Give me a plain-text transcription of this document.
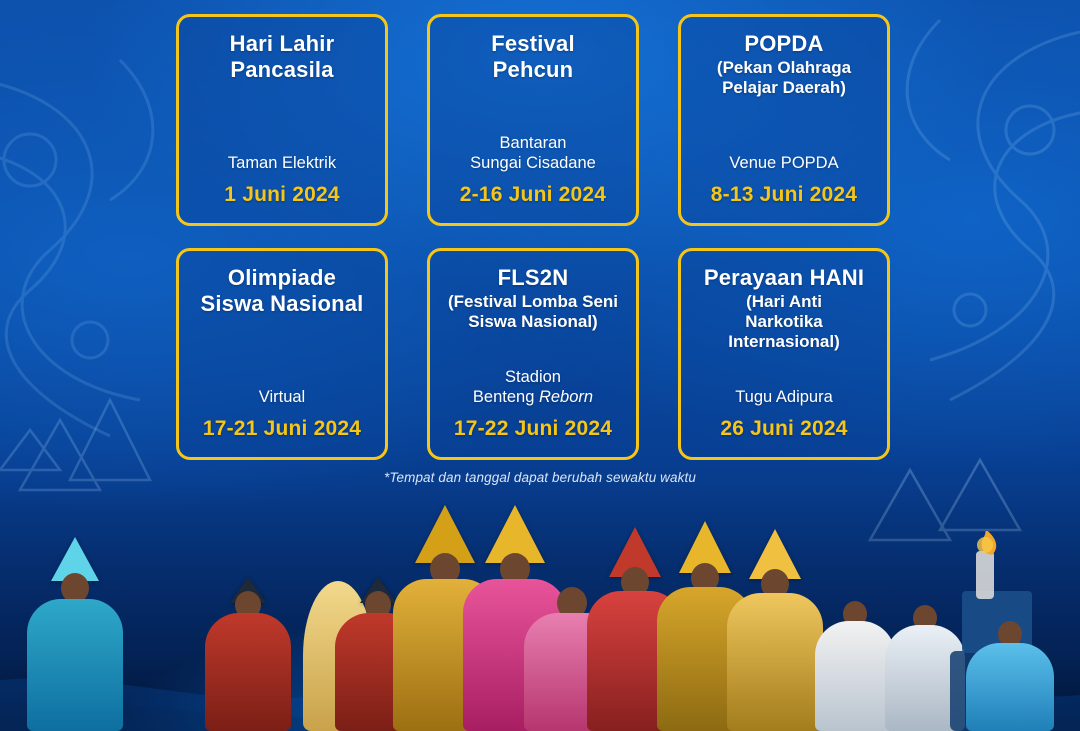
Hari Lahir
Pancasila
Taman Elektrik
1 Juni 2024
Festival
Pehcun
Bantaran
Sungai Cisadane
2-16 Juni 2024
POPDA
(Pekan Olahraga
Pelajar Daerah)
Venue POPDA
8-13 Juni 2024
Olimpiade
Siswa Nasional
Virtual
17-21 Juni 2024
FLS2N
(Festival Lomba Seni
Siswa Nasional)
Stadion
Benteng Reborn
17-22 Juni 2024
Perayaan HANI
(Hari Anti
Narkotika
Internasional)
Tugu Adipura
26 Juni 2024
*Tempat dan tanggal dapat berubah sewaktu waktu
